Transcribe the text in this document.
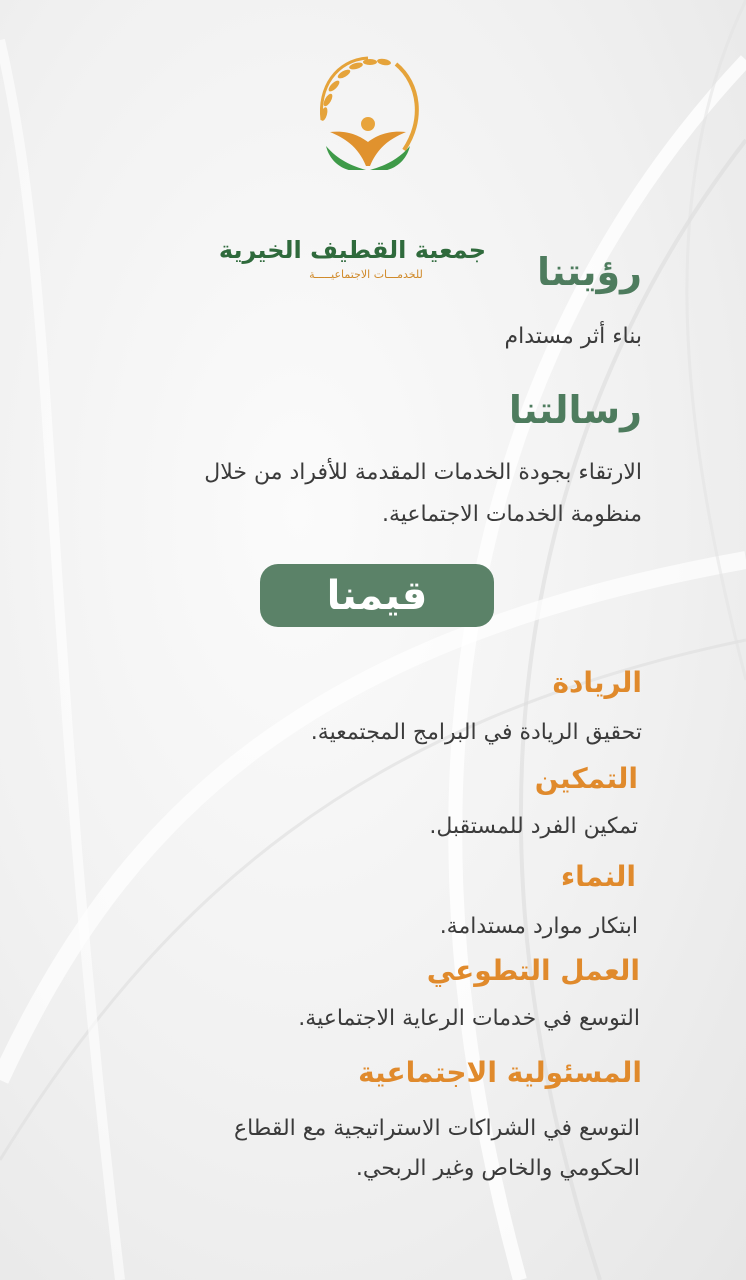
جمعية القطيف الخيرية
للخدمـــات الاجتماعيـــــة	رؤيتنا
بناء أثر مستدام
رسالتنا
الارتقاء بجودة الخدمات المقدمة للأفراد من خلال
منظومة الخدمات الاجتماعية.
قيمنا
الريادة
تحقيق الريادة في البرامج المجتمعية.
التمكين
تمكين الفرد للمستقبل.
النماء
ابتكار موارد مستدامة.
العمل التطوعي
التوسع في خدمات الرعاية الاجتماعية.
المسئولية الاجتماعية
التوسع في الشراكات الاستراتيجية مع القطاع
الحكومي والخاص وغير الربحي.
